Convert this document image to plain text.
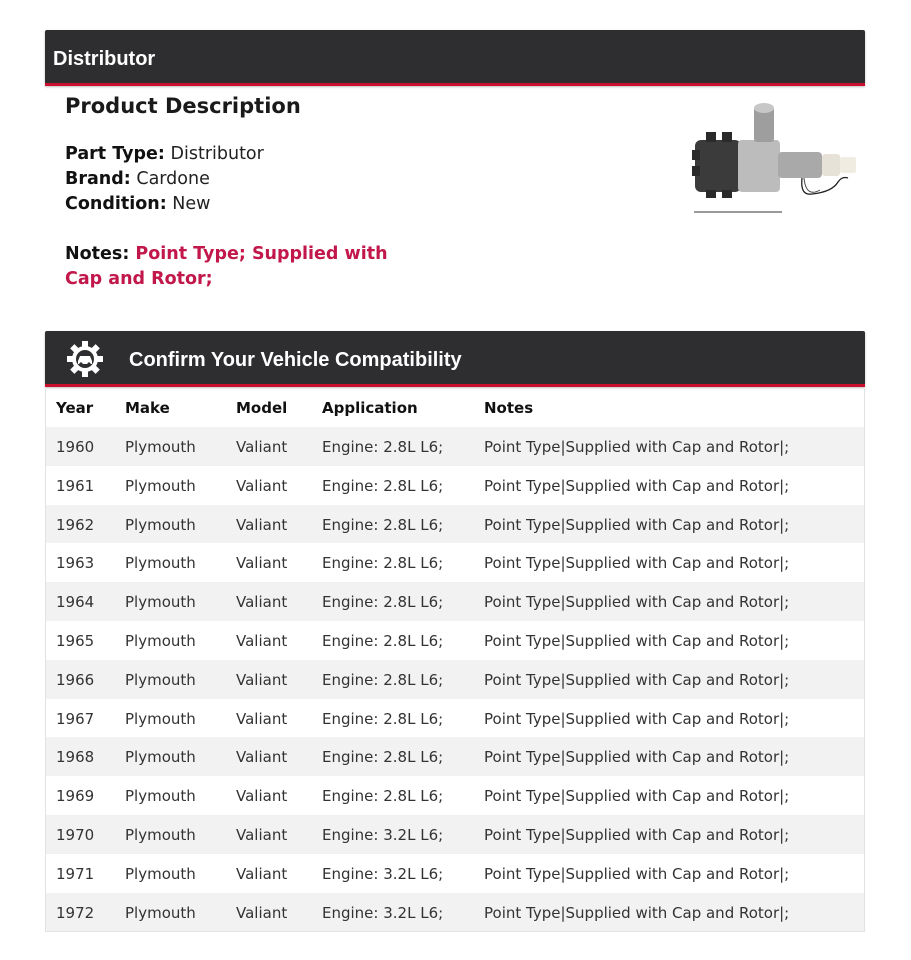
Distributor
Product Description
Part Type: Distributor
Brand: Cardone
Condition: New
Notes: Point Type; Supplied with Cap and Rotor;
Confirm Your Vehicle Compatibility
Year Make	Model Application	Notes
1960 Plymouth	Valiant Engine: 2.8L L6;	Point Type|Supplied with Cap and Rotor|;
1961 Plymouth	Valiant Engine: 2.8L L6;	Point Type|Supplied with Cap and Rotor|;
1962 Plymouth	Valiant Engine: 2.8L L6;	Point Type|Supplied with Cap and Rotor|;
1963 Plymouth	Valiant Engine: 2.8L L6;	Point Type|Supplied with Cap and Rotor|;
1964 Plymouth	Valiant Engine: 2.8L L6;	Point Type|Supplied with Cap and Rotor|;
1965 Plymouth	Valiant Engine: 2.8L L6;	Point Type|Supplied with Cap and Rotor|;
1966 Plymouth	Valiant Engine: 2.8L L6;	Point Type|Supplied with Cap and Rotor|;
1967 Plymouth	Valiant Engine: 2.8L L6;	Point Type|Supplied with Cap and Rotor|;
1968 Plymouth	Valiant Engine: 2.8L L6;	Point Type|Supplied with Cap and Rotor|;
1969 Plymouth	Valiant Engine: 2.8L L6;	Point Type|Supplied with Cap and Rotor|;
1970 Plymouth	Valiant Engine: 3.2L L6;	Point Type|Supplied with Cap and Rotor|;
1971 Plymouth	Valiant Engine: 3.2L L6;	Point Type|Supplied with Cap and Rotor|;
1972 Plymouth	Valiant Engine: 3.2L L6;	Point Type|Supplied with Cap and Rotor|;
